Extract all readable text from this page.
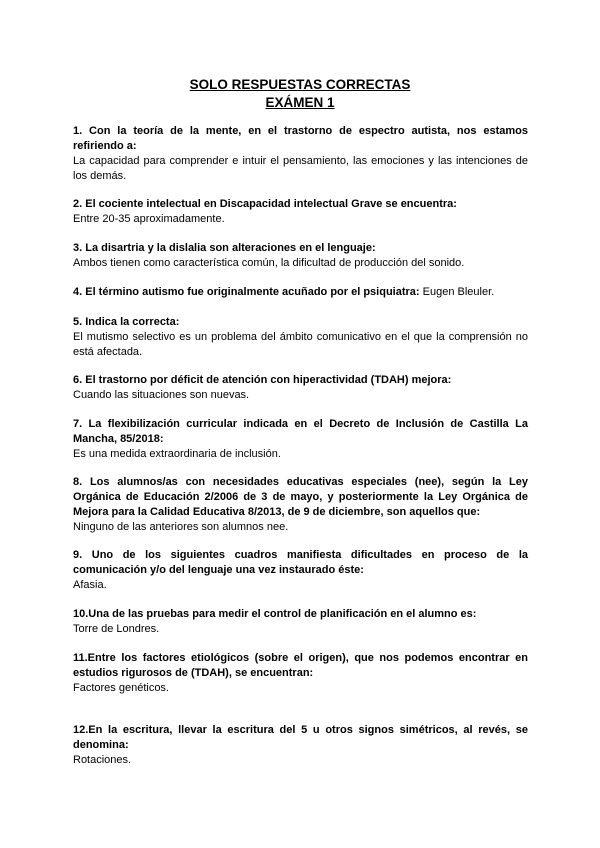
SOLO RESPUESTAS CORRECTAS
EXÁMEN 1
1. Con la teoría de la mente, en el trastorno de espectro autista, nos estamos refiriendo a:
La capacidad para comprender e intuir el pensamiento, las emociones y las intenciones de los demás.
2. El cociente intelectual en Discapacidad intelectual Grave se encuentra:
Entre 20-35 aproximadamente.
3. La disartria y la dislalia son alteraciones en el lenguaje:
Ambos tienen como característica común, la dificultad de producción del sonido.
4. El término autismo fue originalmente acuñado por el psiquiatra: Eugen Bleuler.
5. Indica la correcta:
El mutismo selectivo es un problema del ámbito comunicativo en el que la comprensión no está afectada.
6. El trastorno por déficit de atención con hiperactividad (TDAH) mejora:
Cuando las situaciones son nuevas.
7. La flexibilización curricular indicada en el Decreto de Inclusión de Castilla La Mancha, 85/2018:
Es una medida extraordinaria de inclusión.
8. Los alumnos/as con necesidades educativas especiales (nee), según la Ley Orgánica de Educación 2/2006 de 3 de mayo, y posteriormente la Ley Orgánica de Mejora para la Calidad Educativa 8/2013, de 9 de diciembre, son aquellos que:
Ninguno de las anteriores son alumnos nee.
9. Uno de los siguientes cuadros manifiesta dificultades en proceso de la comunicación y/o del lenguaje una vez instaurado éste:
Afasia.
10.Una de las pruebas para medir el control de planificación en el alumno es:
Torre de Londres.
11.Entre los factores etiológicos (sobre el origen), que nos podemos encontrar en estudios rigurosos de (TDAH), se encuentran:
Factores genéticos.
12.En la escritura, llevar la escritura del 5 u otros signos simétricos, al revés, se denomina:
Rotaciones.
